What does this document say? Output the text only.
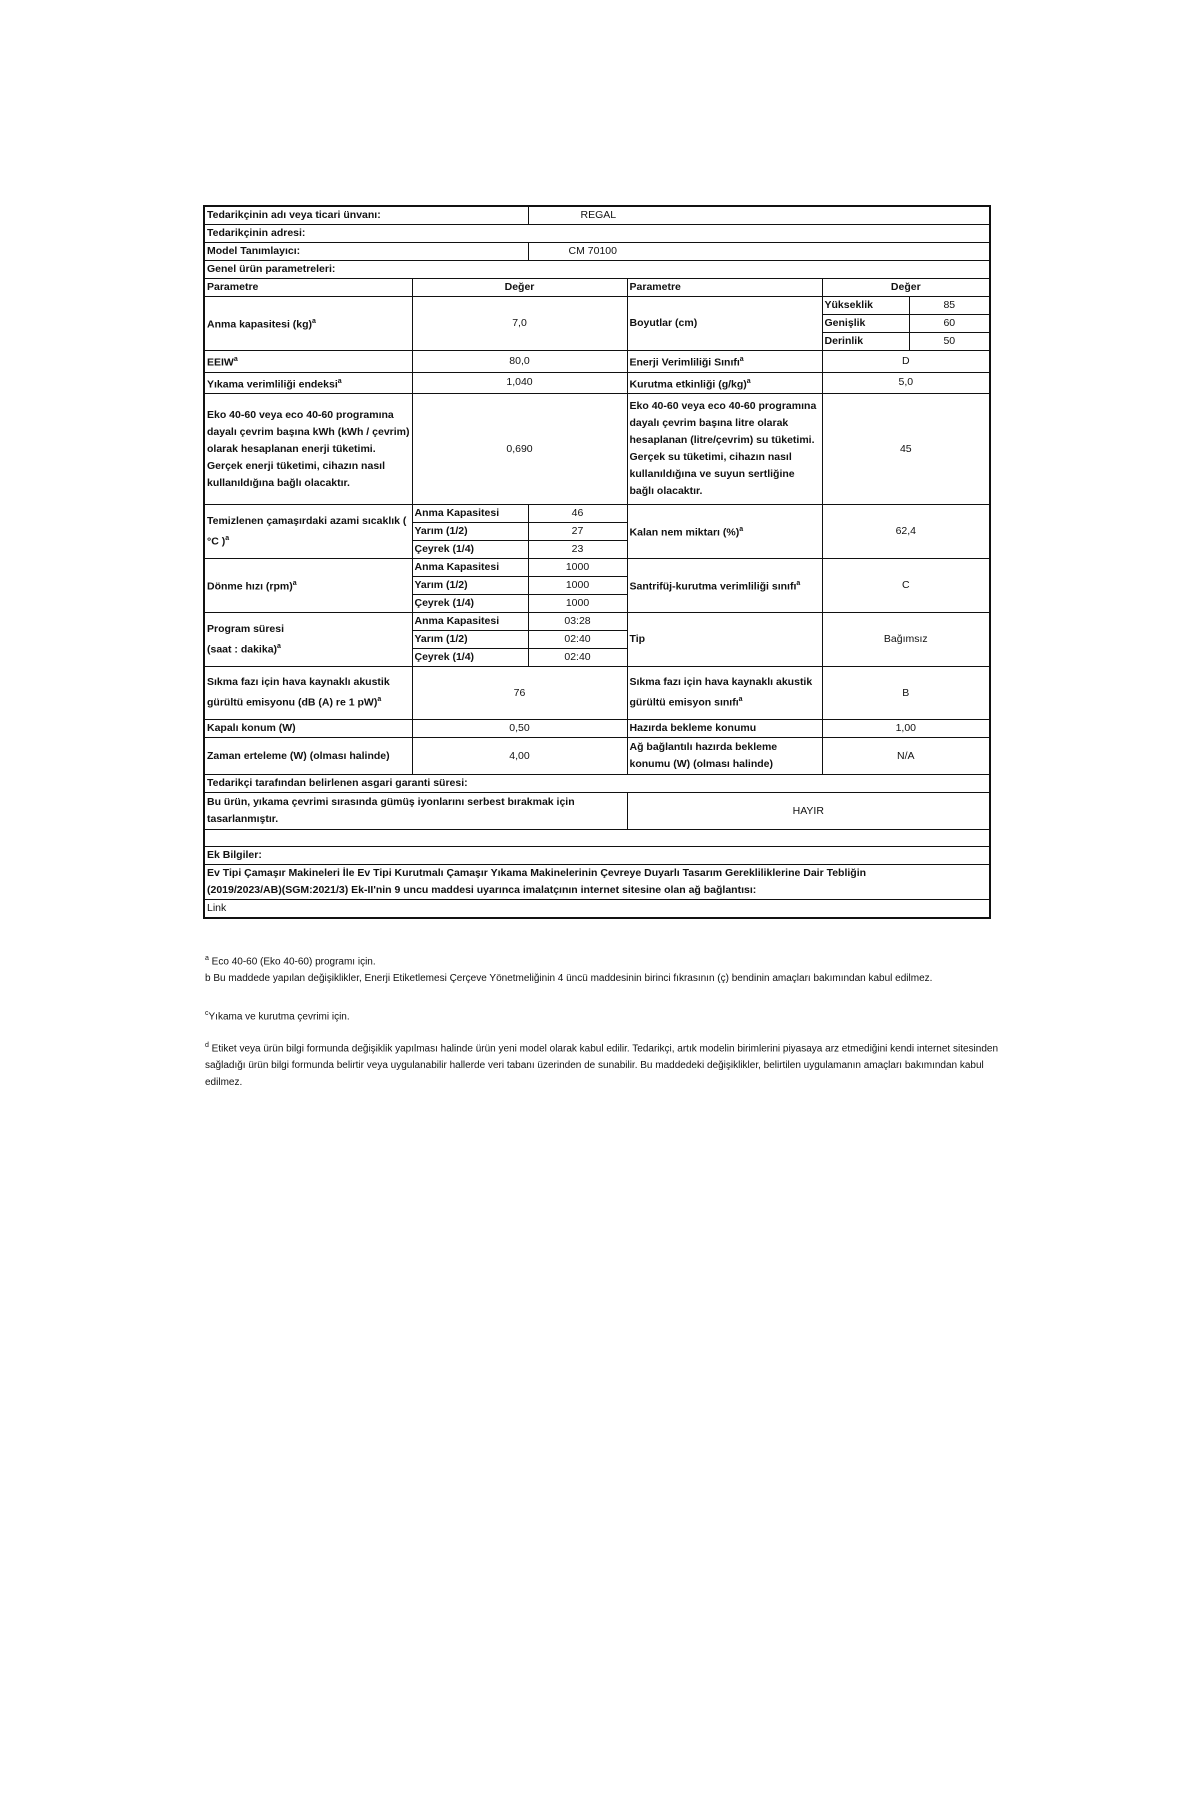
Tedarikçinin adı veya ticari ünvanı:		REGAL			
Tedarikçinin adresi:					
Model Tanımlayıcı:		CM 70100			
Genel ürün parametreleri:					
Parametre	Değer		Parametre	Değer	
Anma kapasitesi (kg)$^a$	7,0		Boyutlar (cm)	Yükseklik	85
				Genişlik	60
				Derinlik	50
EEIW$^a$	80,0		Enerji Verimliliği Sınıfı$^a$	D	
Yıkama verimliliği endeksi$^a$	1,040		Kurutma etkinliği $(g/kg)^a$	5,0	
Eko 40-60 veya eco 40-60 programına dayalı çevrim başına kWh (kWh / çevrim) olarak hesaplanan enerji tüketimi. Gerçek enerji tüketimi, cihazın nasıl kullanıldığına bağlı olacaktır.	0,690		Eko 40-60 veya eco 40-60 programına dayalı çevrim başına litre olarak hesaplanan (litre/çevrim) su tüketimi. Gerçek su tüketimi, cihazın nasıl kullanıldığına ve suyun sertliğine bağlı olacaktır.	45	
Temizlenen çamaşırdaki azami sıcaklık ( °C )$^a$	Anma Kapasitesi	46	Kalan nem miktarı (%)$^a$	62,4	
	Yarım (1/2)	27			
	Çeyrek (1/4)	23			
Dönme hızı (rpm)$^a$	Anma Kapasitesi	1000	Santrifüj-kurutma verimliliği sınıfı$^a$	C	
	Yarım (1/2)	1000			
	Çeyrek (1/4)	1000			

Program süresi
(saat : dakika)$^a$	Anma Kapasitesi	03:28	Tip	Bağımsız	
	Yarım (1/2)	02:40			
	Çeyrek (1/4)	02:40			
Sıkma fazı için hava kaynaklı akustik gürültü emisyonu (dB (A) re 1 pW)$^a$	76		Sıkma fazı için hava kaynaklı akustik gürültü emisyon sınıfı$^a$	B	
Kapalı konum (W)	0,50		Hazırda bekleme konumu	1,00	
Zaman erteleme (W) (olması halinde)	4,00		Ağ bağlantılı hazırda bekleme konumu (W) (olması halinde)	N/A	
Tedarikçi tarafından belirlenen asgari garanti süresi:					
Bu ürün, yıkama çevrimi sırasında gümüş iyonlarını serbest bırakmak için tasarlanmıştır.			HAYIR		

Ek Bilgiler:					

Ev Tipi Çamaşır Makineleri İle Ev Tipi Kurutmalı Çamaşır Yıkama Makinelerinin Çevreye Duyarlı Tasarım Gerekliliklerine Dair Tebliğin
(2019/2023/AB)(SGM:2021/3) Ek-II'nin 9 uncu maddesi uyarınca imalatçının internet sitesine olan ağ bağlantısı:					

Link					

$^a$ Eco 40-60 (Eko 40-60) programı için.

b Bu maddede yapılan değişiklikler, Enerji Etiketlemesi Çerçeve Yönetmeliğinin 4 üncü maddesinin birinci fıkrasının (ç) bendinin amaçları bakımından kabul edilmez.

$^c$Yıkama ve kurutma çevrimi için.

$^d$ Etiket veya ürün bilgi formunda değişiklik yapılması halinde ürün yeni model olarak kabul edilir. Tedarikçi, artık modelin birimlerini piyasaya arz etmediğini kendi internet sitesinden sağladığı ürün bilgi formunda belirtir veya uygulanabilir hallerde veri tabanı üzerinden de sunabilir. Bu maddedeki değişiklikler, belirtilen uygulamanın amaçları bakımından kabul edilmez.
